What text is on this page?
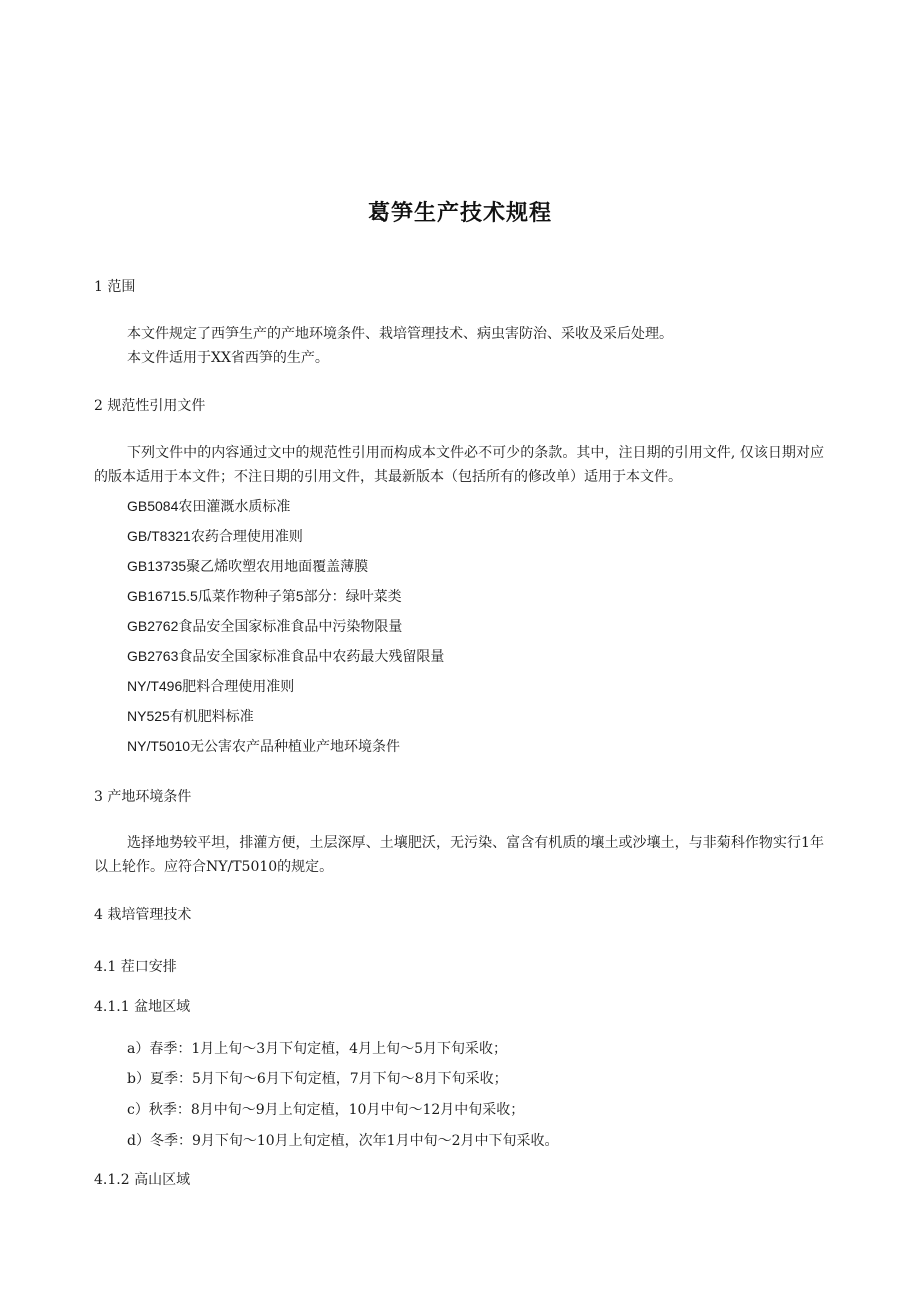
葛笋生产技术规程
1 范围
本文件规定了西笋生产的产地环境条件、栽培管理技术、病虫害防治、采收及采后处理。
本文件适用于XX省西笋的生产。
2 规范性引用文件
下列文件中的内容通过文中的规范性引用而构成本文件必不可少的条款。其中，注日期的引用文件, 仅该日期对应的版本适用于本文件；不注日期的引用文件，其最新版本（包括所有的修改单）适用于本文件。
GB5084农田灌溉水质标准
GB/T8321农药合理使用准则
GB13735聚乙烯吹塑农用地面覆盖薄膜
GB16715.5瓜菜作物种子第5部分：绿叶菜类
GB2762食品安全国家标准食品中污染物限量
GB2763食品安全国家标准食品中农药最大残留限量
NY/T496肥料合理使用准则
NY525有机肥料标准
NY/T5010无公害农产品种植业产地环境条件
3 产地环境条件
选择地势较平坦，排灌方便，土层深厚、土壤肥沃，无污染、富含有机质的壤土或沙壤土，与非菊科作物实行1年以上轮作。应符合NY/T5010的规定。
4 栽培管理技术
4.1 茬口安排
4.1.1 盆地区域
a）春季：1月上旬～3月下旬定植，4月上旬～5月下旬采收；
b）夏季：5月下旬～6月下旬定植，7月下旬～8月下旬采收；
c）秋季：8月中旬～9月上旬定植，10月中旬～12月中旬采收；
d）冬季：9月下旬～10月上旬定植，次年1月中旬～2月中下旬采收。
4.1.2 高山区域
